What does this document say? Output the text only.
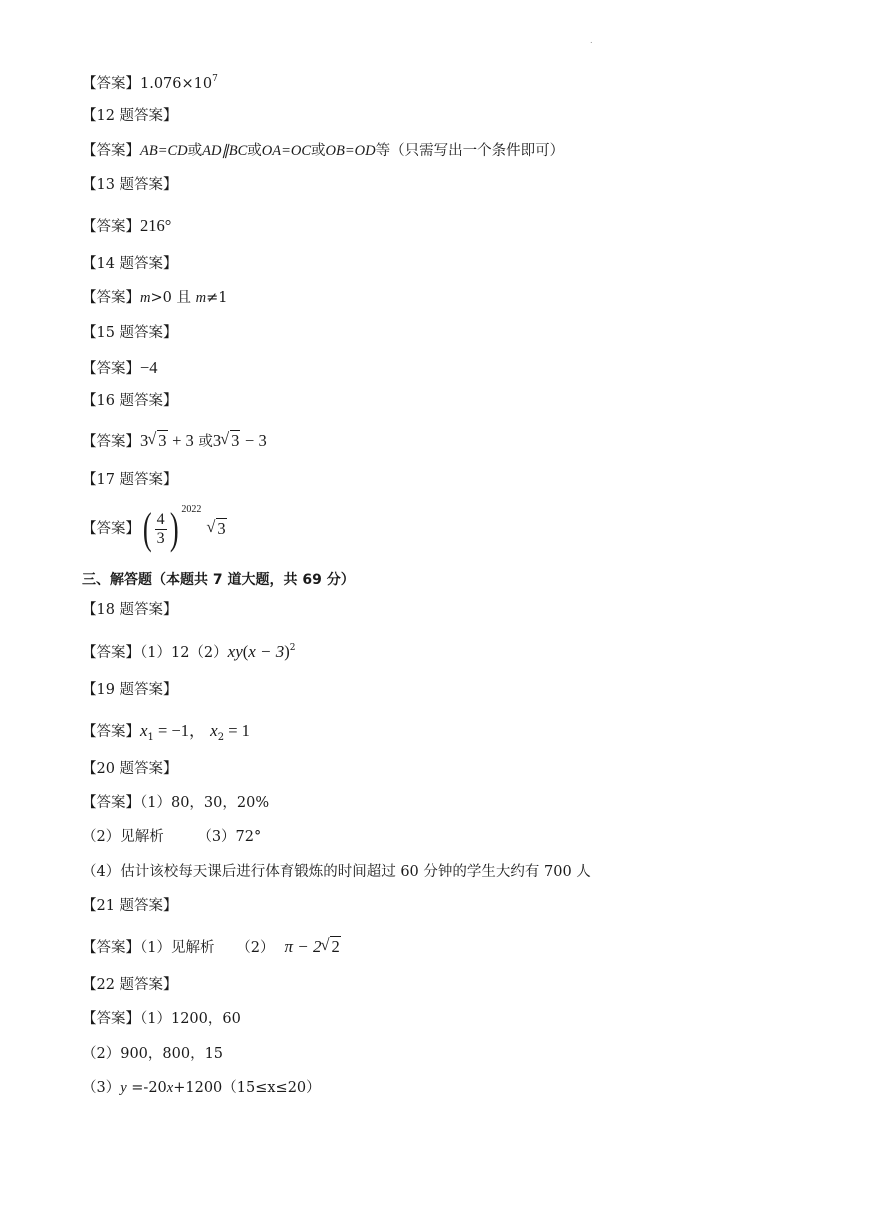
.
【答案】$1.076\times 10^7$
【12 题答案】
【答案】AB=CD或AD∥BC或OA=OC或OB=OD等（只需写出一个条件即可）
【13 题答案】
【答案】216°
【14 题答案】
【答案】m>0 且 m≠1
【15 题答案】
【答案】−4
【16 题答案】
【答案】3 √ 3 + 3 或3 √ 3 − 3
【17 题答案】
【答案】 ( $\frac{4}{3}$ ) 2022
√ 3
三、解答题（本题共 7 道大题，共 69 分）
【18 题答案】
【答案】$(1)12(2)xy(x - 3)^2$
【19 题答案】
【答案】$x_1 = -1$， $x_2 = 1$
【20 题答案】
【答案】（1）80，30，20%
（2）见解析　　 （3）72°
（4）估计该校每天课后进行体育锻炼的时间超过 60 分钟的学生大约有 700 人
【21 题答案】
【答案】（1）见解析　　（2） π − 2 √ 2
【22 题答案】
【答案】（1）1200，60
（2）900，800，15
（3）y =-20x+1200（15≤x≤20）
